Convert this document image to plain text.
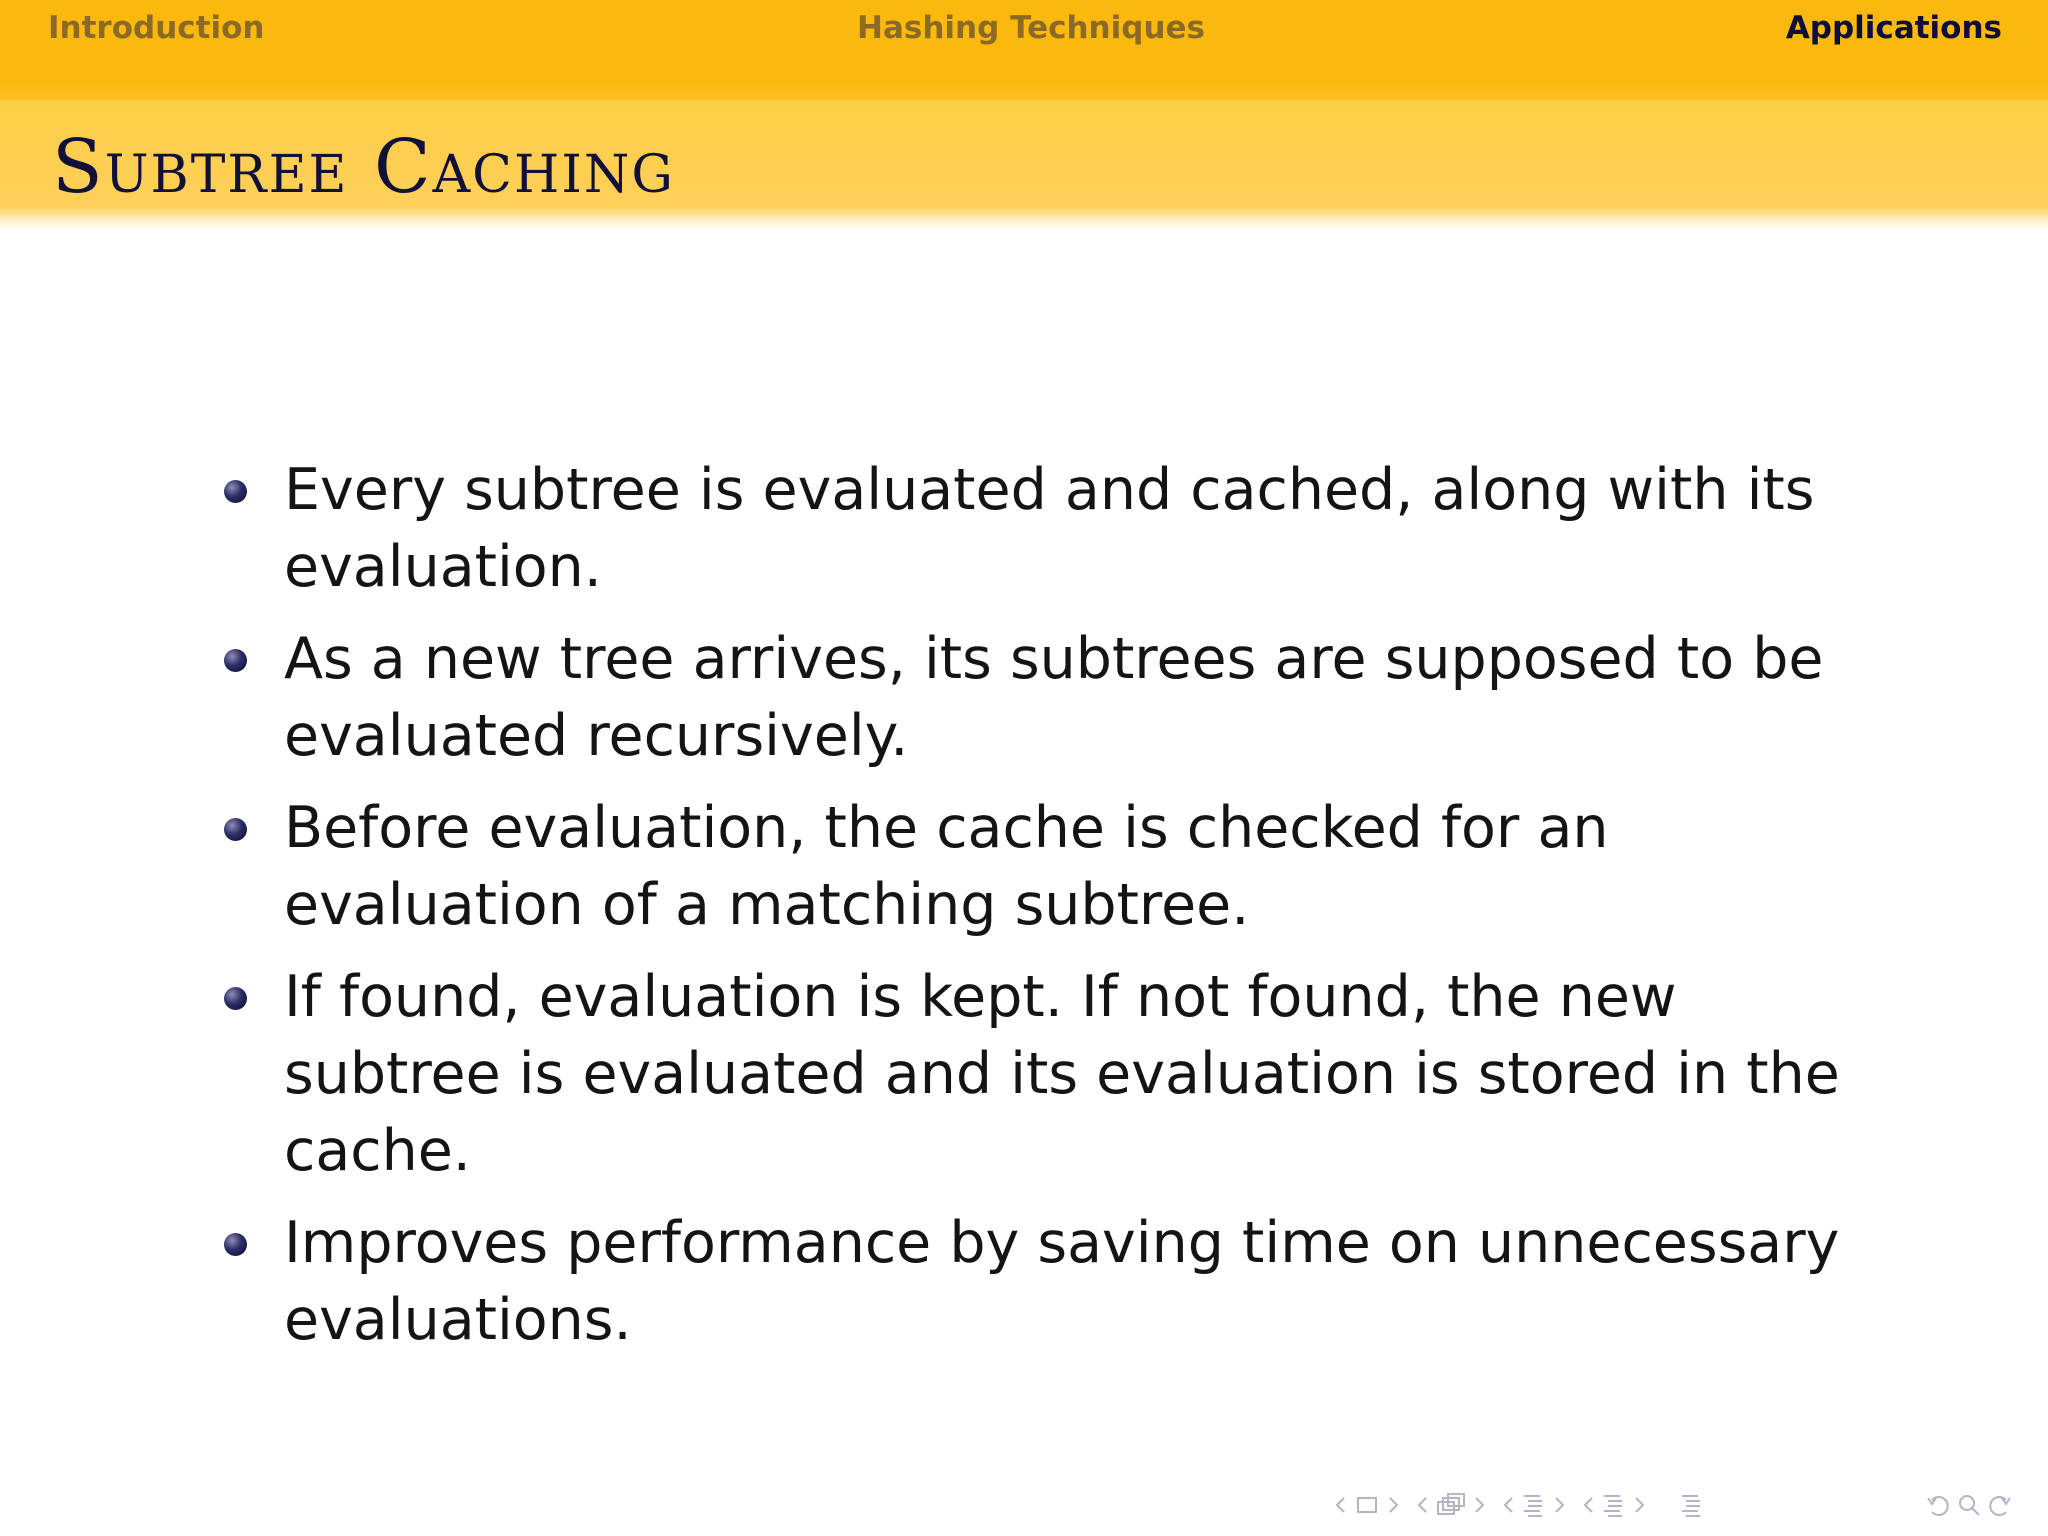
Introduction	Hashing Techniques	Applications
Subtree Caching
Every subtree is evaluated and cached, along with its evaluation.
As a new tree arrives, its subtrees are supposed to be evaluated recursively.
Before evaluation, the cache is checked for an evaluation of a matching subtree.
If found, evaluation is kept. If not found, the new subtree is evaluated and its evaluation is stored in the cache.
Improves performance by saving time on unnecessary evaluations.
